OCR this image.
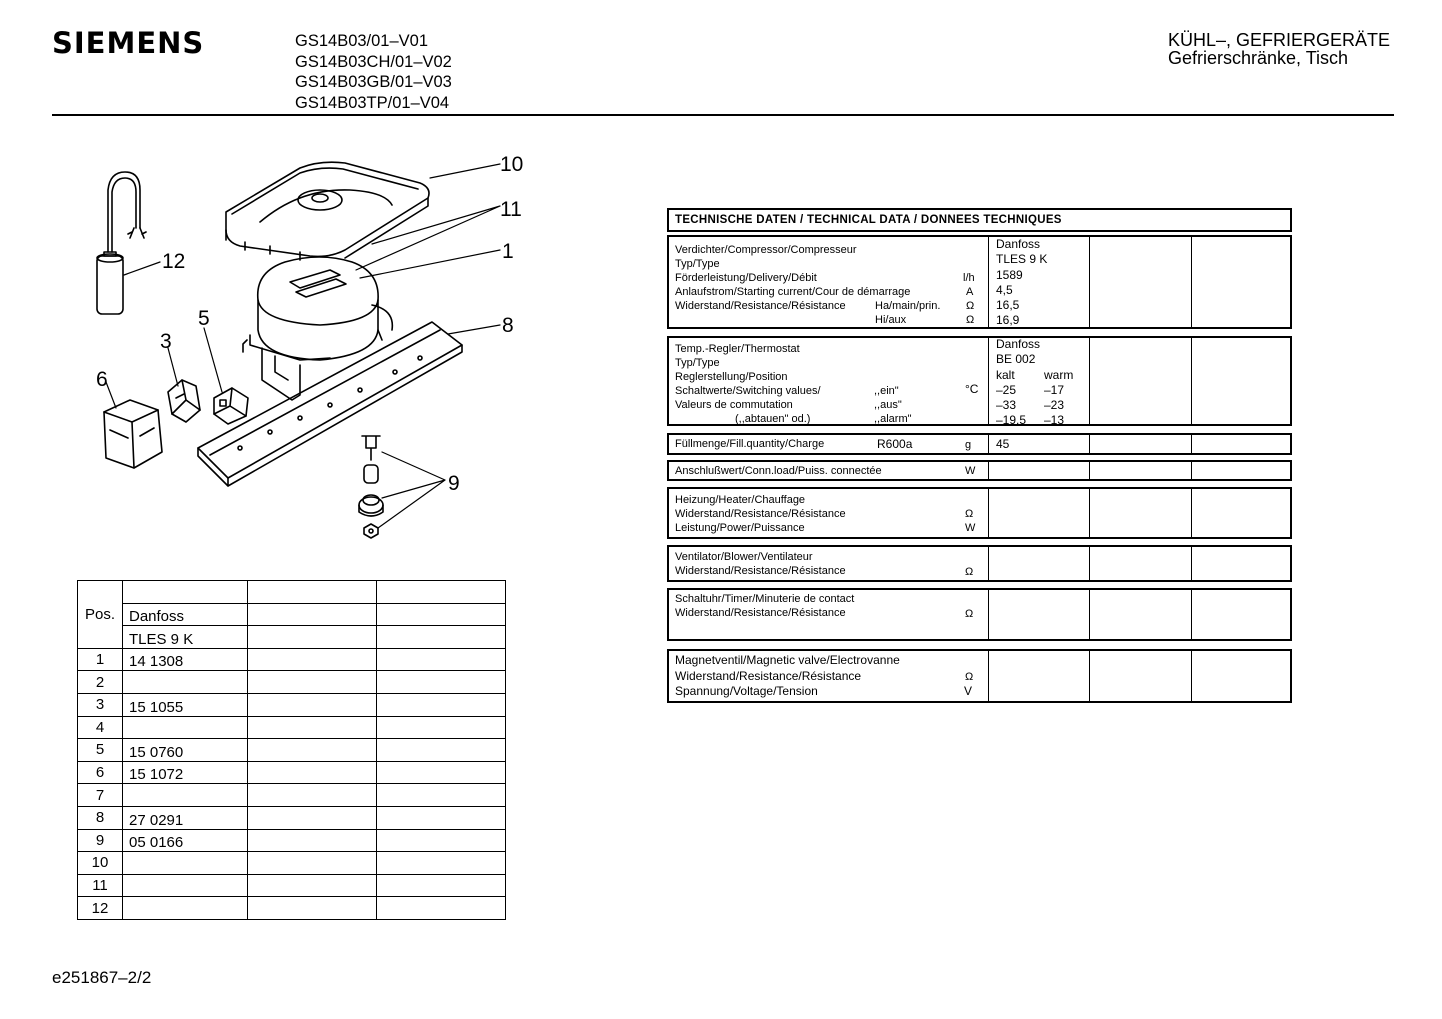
SIEMENS	GS14B03/01–V01
GS14B03CH/01–V02
GS14B03GB/01–V03
GS14B03TP/01–V04
KÜHL–, GEFRIERGERÄTE
Gefrierschränke, Tisch
10
11
1
8
12
3
5
6
9
Pos.			
	Danfoss		
	TLES 9 K		
1	14 1308		
2			
3	15 1055		
4			
5	15 0760		
6	15 1072		
7			
8	27 0291		
9	05 0166		
10			
11			
12			
TECHNISCHE DATEN / TECHNICAL DATA / DONNEES TECHNIQUES
Verdichter/Compressor/Compresseur
Typ/Type
Förderleistung/Delivery/Débit
Anlaufstrom/Starting current/Cour de démarrage
Widerstand/Resistance/Résistance	Ha/main/prin.
Hi/aux
l/h
A
Ω
Ω
Danfoss
TLES 9 K
1589
4,5
16,5
16,9
Temp.-Regler/Thermostat
Typ/Type
Reglerstellung/Position
Schaltwerte/Switching values/
Valeurs de commutation
(,,abtauen" od.)
,,ein"
,,aus"
,,alarm"
°C
Danfoss
BE 002
kalt warm
–25 –17
–33 –23
–19,5 –13
Füllmenge/Fill.quantity/Charge	R600a	g 45
Anschlußwert/Conn.load/Puiss. connectée	W
Heizung/Heater/Chauffage
Widerstand/Resistance/Résistance
Leistung/Power/Puissance
Ω
W
Ventilator/Blower/Ventilateur
Widerstand/Resistance/Résistance	Ω
Schaltuhr/Timer/Minuterie de contact
Widerstand/Resistance/Résistance	Ω
Magnetventil/Magnetic valve/Electrovanne
Widerstand/Resistance/Résistance
Spannung/Voltage/Tension
Ω
V
e251867–2/2
